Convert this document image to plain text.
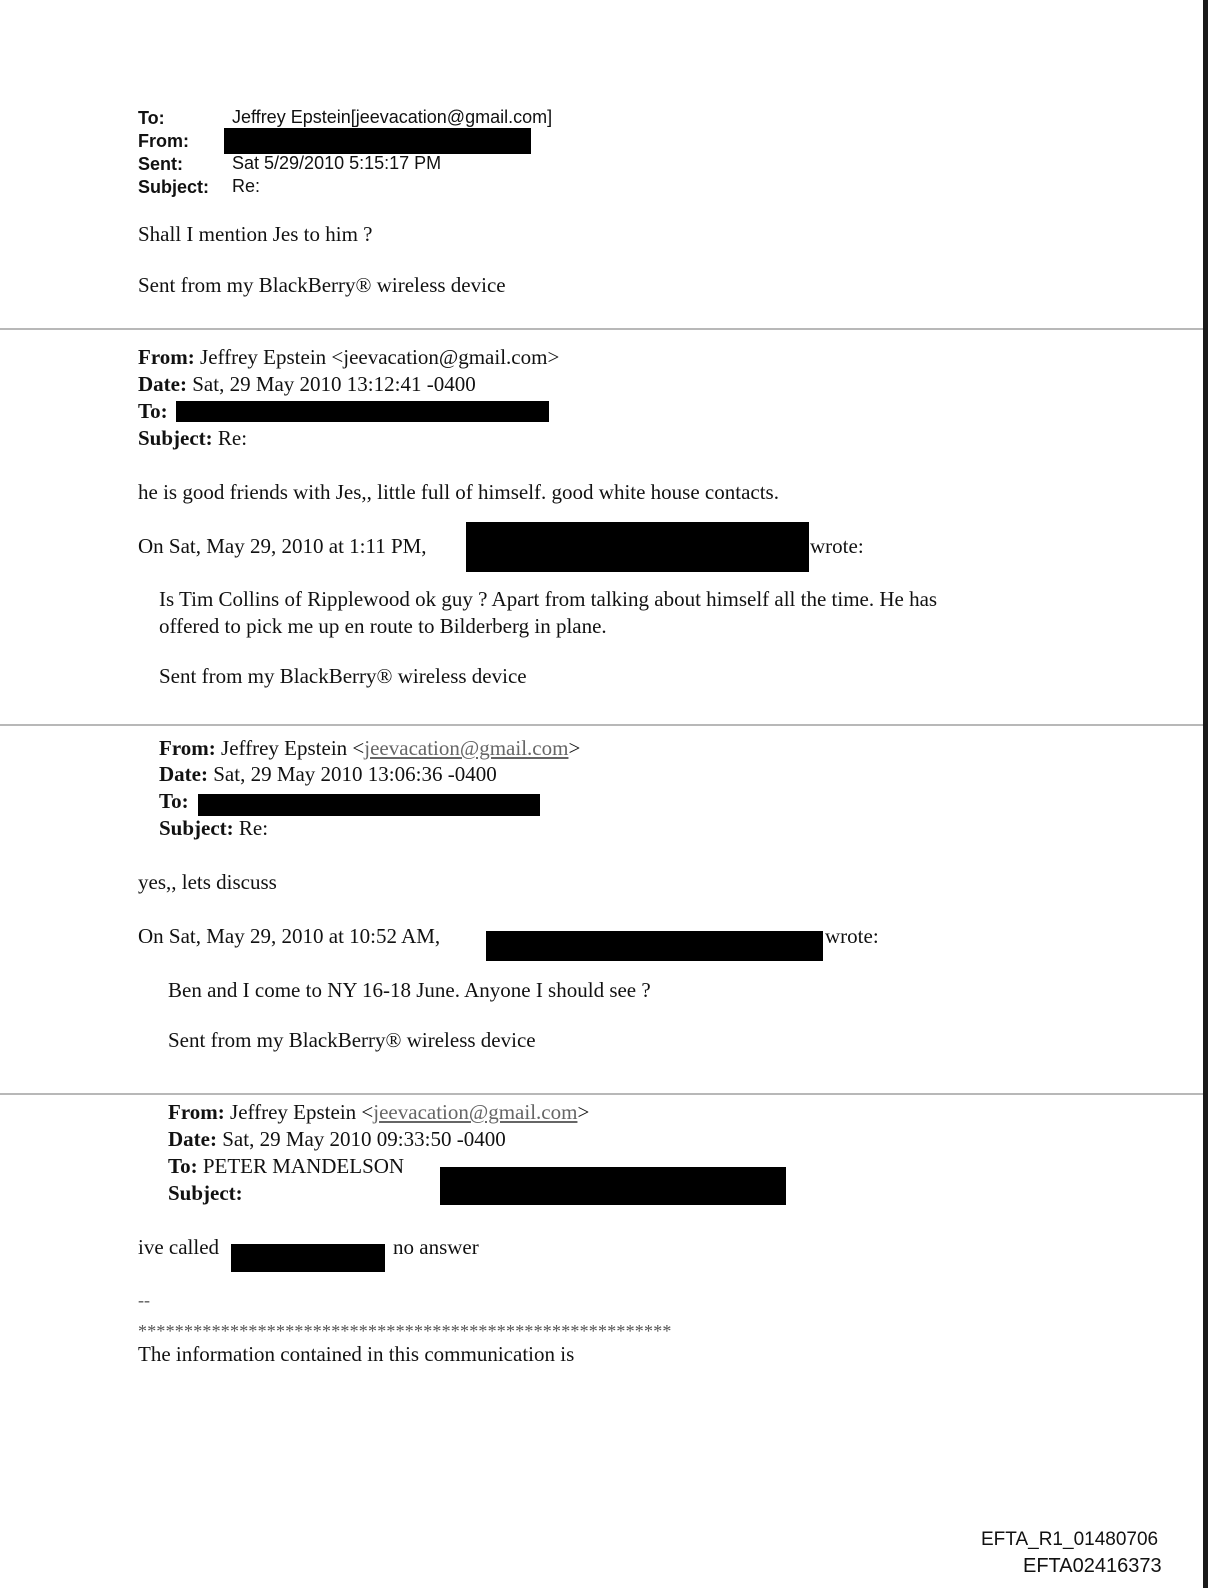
To:	Jeffrey Epstein[jeevacation@gmail.com]
From:
Sent:	Sat 5/29/2010 5:15:17 PM
Subject: Re:
Shall I mention Jes to him ?
Sent from my BlackBerry® wireless device
From: Jeffrey Epstein <jeevacation@gmail.com>
Date: Sat, 29 May 2010 13:12:41 -0400
To:
Subject: Re:
he is good friends with Jes,, little full of himself. good white house contacts.
On Sat, May 29, 2010 at 1:11 PM,	wrote:
Is Tim Collins of Ripplewood ok guy ? Apart from talking about himself all the time. He has
offered to pick me up en route to Bilderberg in plane.
Sent from my BlackBerry® wireless device
From: Jeffrey Epstein <jeevacation@gmail.com>
Date: Sat, 29 May 2010 13:06:36 -0400
To:
Subject: Re:
yes,, lets discuss
On Sat, May 29, 2010 at 10:52 AM,	wrote:
Ben and I come to NY 16-18 June. Anyone I should see ?
Sent from my BlackBerry® wireless device
From: Jeffrey Epstein <jeevacation@gmail.com>
Date: Sat, 29 May 2010 09:33:50 -0400
To: PETER MANDELSON
Subject:
ive called	no answer
--
**********************************************************
The information contained in this communication is
EFTA_R1_01480706
EFTA02416373
